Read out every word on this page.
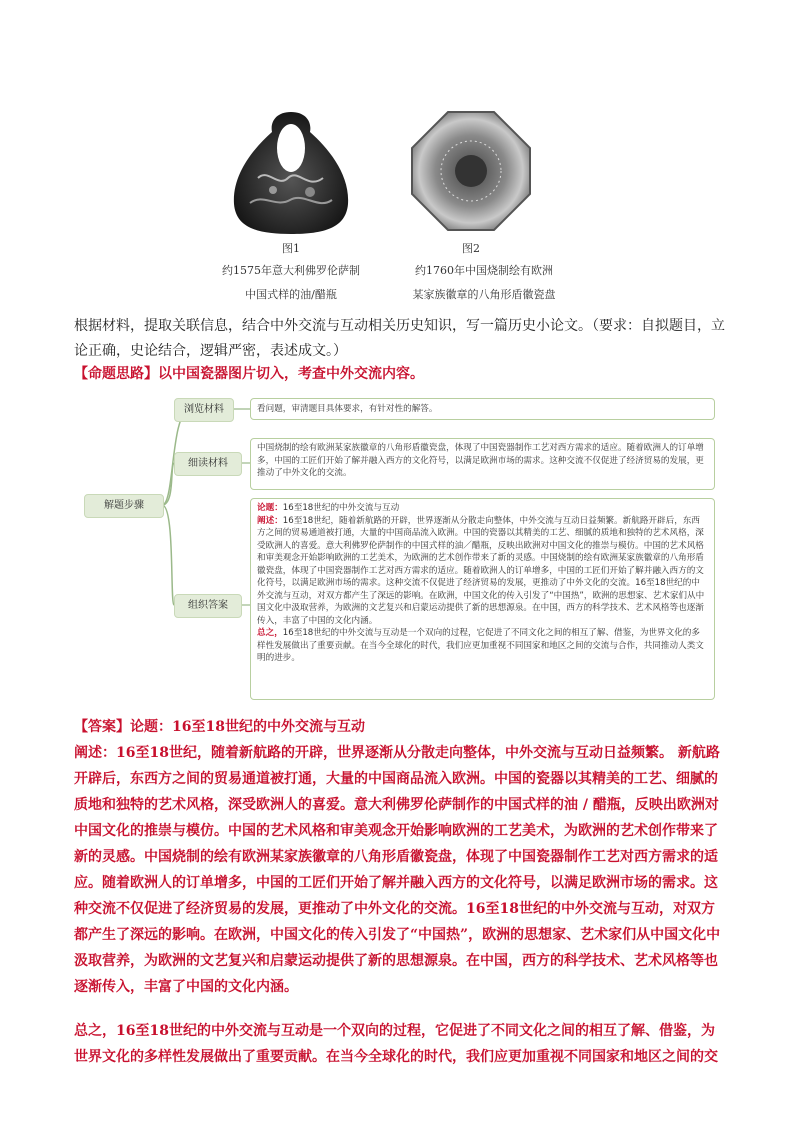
图1	图2
约1575年意大利佛罗伦萨制
中国式样的油/醋瓶
约1760年中国烧制绘有欧洲
某家族徽章的八角形盾徽瓷盘
根据材料，提取关联信息，结合中外交流与互动相关历史知识，写一篇历史小论文。（要求：自拟题目，立论正确，史论结合，逻辑严密，表述成文。）
【命题思路】以中国瓷器图片切入，考查中外交流内容。
解题步骤
浏览材料
细读材料
组织答案
看问题，审清题目具体要求，有针对性的解答。
中国烧制的绘有欧洲某家族徽章的八角形盾徽瓷盘，体现了中国瓷器制作工艺对西方需求的适应。随着欧洲人的订单增多，中国的工匠们开始了解并融入西方的文化符号，以满足欧洲市场的需求。这种交流不仅促进了经济贸易的发展，更推动了中外文化的交流。
论题：16至18世纪的中外交流与互动
阐述：16至18世纪，随着新航路的开辟，世界逐渐从分散走向整体，中外交流与互动日益频繁。新航路开辟后，东西方之间的贸易通道被打通，大量的中国商品流入欧洲。中国的瓷器以其精美的工艺、细腻的质地和独特的艺术风格，深受欧洲人的喜爱。意大利佛罗伦萨制作的中国式样的油／醋瓶，反映出欧洲对中国文化的推崇与模仿。中国的艺术风格和审美观念开始影响欧洲的工艺美术，为欧洲的艺术创作带来了新的灵感。中国烧制的绘有欧洲某家族徽章的八角形盾徽瓷盘，体现了中国瓷器制作工艺对西方需求的适应。随着欧洲人的订单增多，中国的工匠们开始了解并融入西方的文化符号，以满足欧洲市场的需求。这种交流不仅促进了经济贸易的发展，更推动了中外文化的交流。16至18世纪的中外交流与互动，对双方都产生了深远的影响。在欧洲，中国文化的传入引发了“中国热”，欧洲的思想家、艺术家们从中国文化中汲取营养，为欧洲的文艺复兴和启蒙运动提供了新的思想源泉。在中国，西方的科学技术、艺术风格等也逐渐传入，丰富了中国的文化内涵。
总之，16至18世纪的中外交流与互动是一个双向的过程，它促进了不同文化之间的相互了解、借鉴，为世界文化的多样性发展做出了重要贡献。在当今全球化的时代，我们应更加重视不同国家和地区之间的交流与合作，共同推动人类文明的进步。
【答案】论题：16至18世纪的中外交流与互动
阐述：16至18世纪，随着新航路的开辟，世界逐渐从分散走向整体，中外交流与互动日益频繁。 新航路开辟后，东西方之间的贸易通道被打通，大量的中国商品流入欧洲。中国的瓷器以其精美的工艺、细腻的质地和独特的艺术风格，深受欧洲人的喜爱。意大利佛罗伦萨制作的中国式样的油 / 醋瓶，反映出欧洲对中国文化的推崇与模仿。中国的艺术风格和审美观念开始影响欧洲的工艺美术，为欧洲的艺术创作带来了新的灵感。中国烧制的绘有欧洲某家族徽章的八角形盾徽瓷盘，体现了中国瓷器制作工艺对西方需求的适应。随着欧洲人的订单增多，中国的工匠们开始了解并融入西方的文化符号，以满足欧洲市场的需求。这种交流不仅促进了经济贸易的发展，更推动了中外文化的交流。16至18世纪的中外交流与互动，对双方都产生了深远的影响。在欧洲，中国文化的传入引发了“中国热”，欧洲的思想家、艺术家们从中国文化中汲取营养，为欧洲的文艺复兴和启蒙运动提供了新的思想源泉。在中国，西方的科学技术、艺术风格等也逐渐传入，丰富了中国的文化内涵。
总之，16至18世纪的中外交流与互动是一个双向的过程，它促进了不同文化之间的相互了解、借鉴，为世界文化的多样性发展做出了重要贡献。在当今全球化的时代，我们应更加重视不同国家和地区之间的交
